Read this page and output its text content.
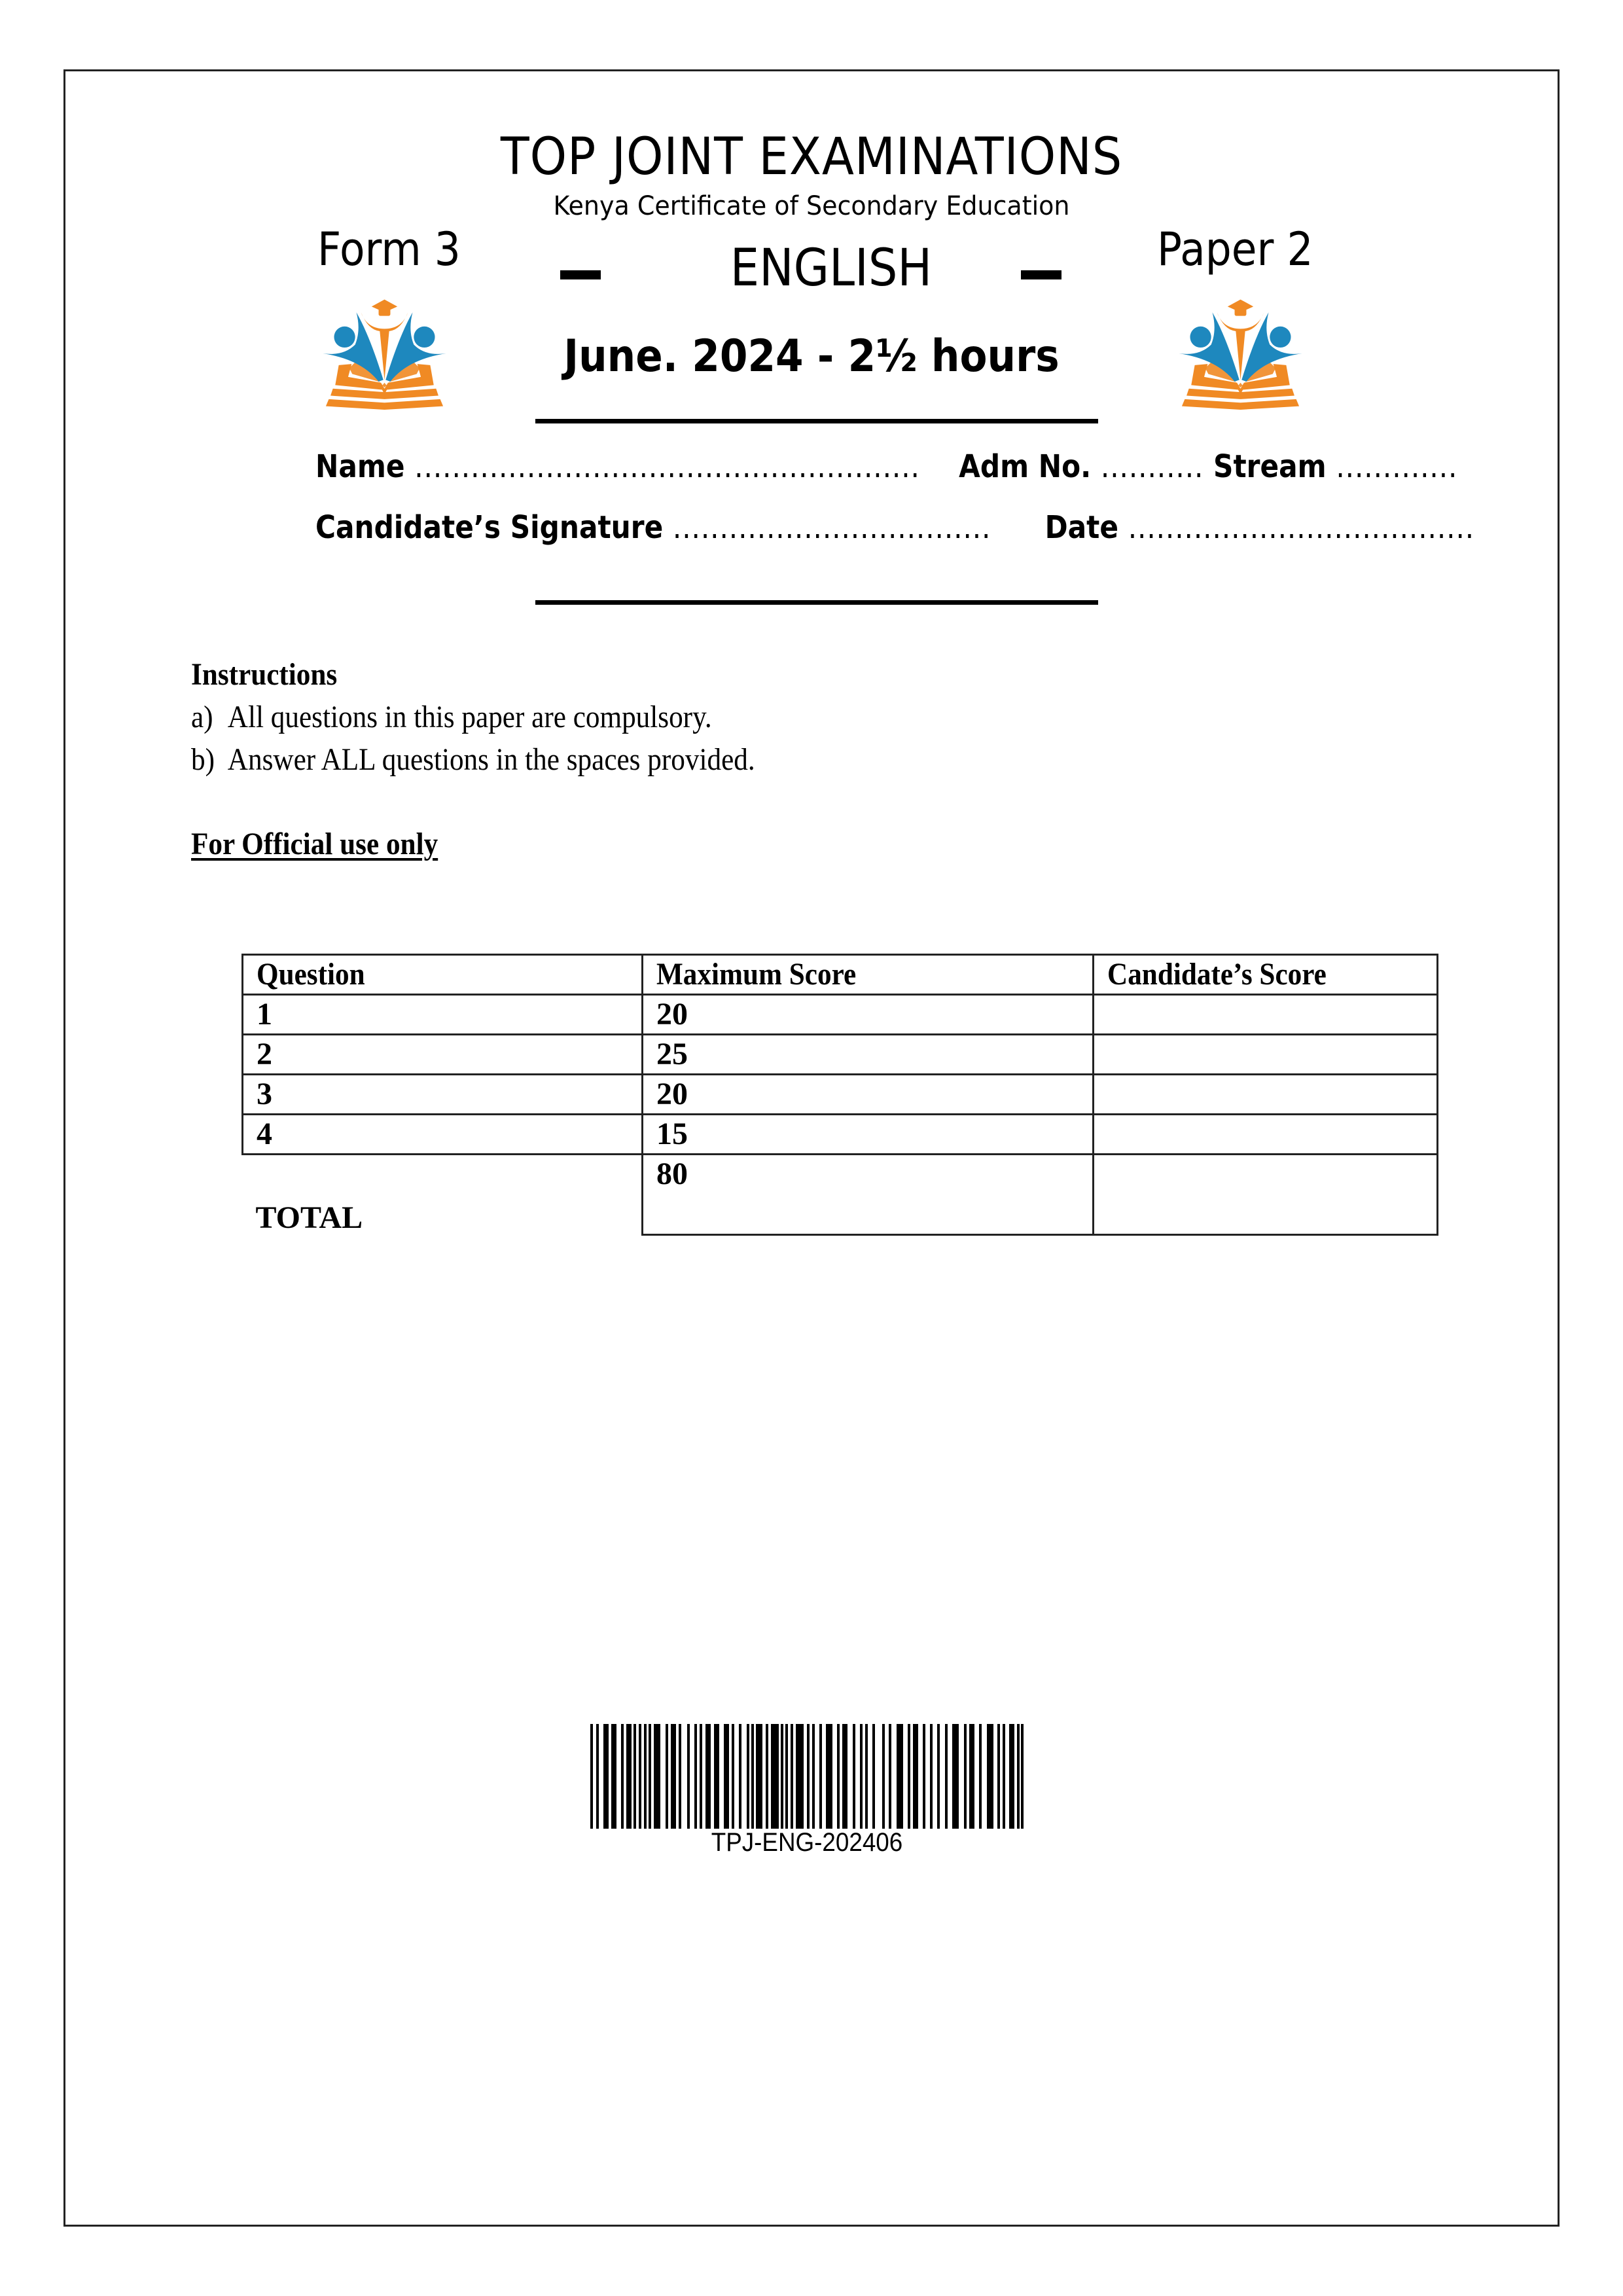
TOP JOINT EXAMINATIONS
Kenya Certificate of Secondary Education
Form 3	ENGLISH	Paper 2
June. 2024 - 2½ hours
Name ...................................................... Adm No. ........... Stream .............
Candidate’s Signature .................................. Date .....................................
Instructions
a) All questions in this paper are compulsory.
b) Answer ALL questions in the spaces provided.
For Official use only
Question	Maximum Score	Candidate’s Score
1	20	
2	25	
3	20	
4	15	
TOTAL	80	
TPJ-ENG-202406
